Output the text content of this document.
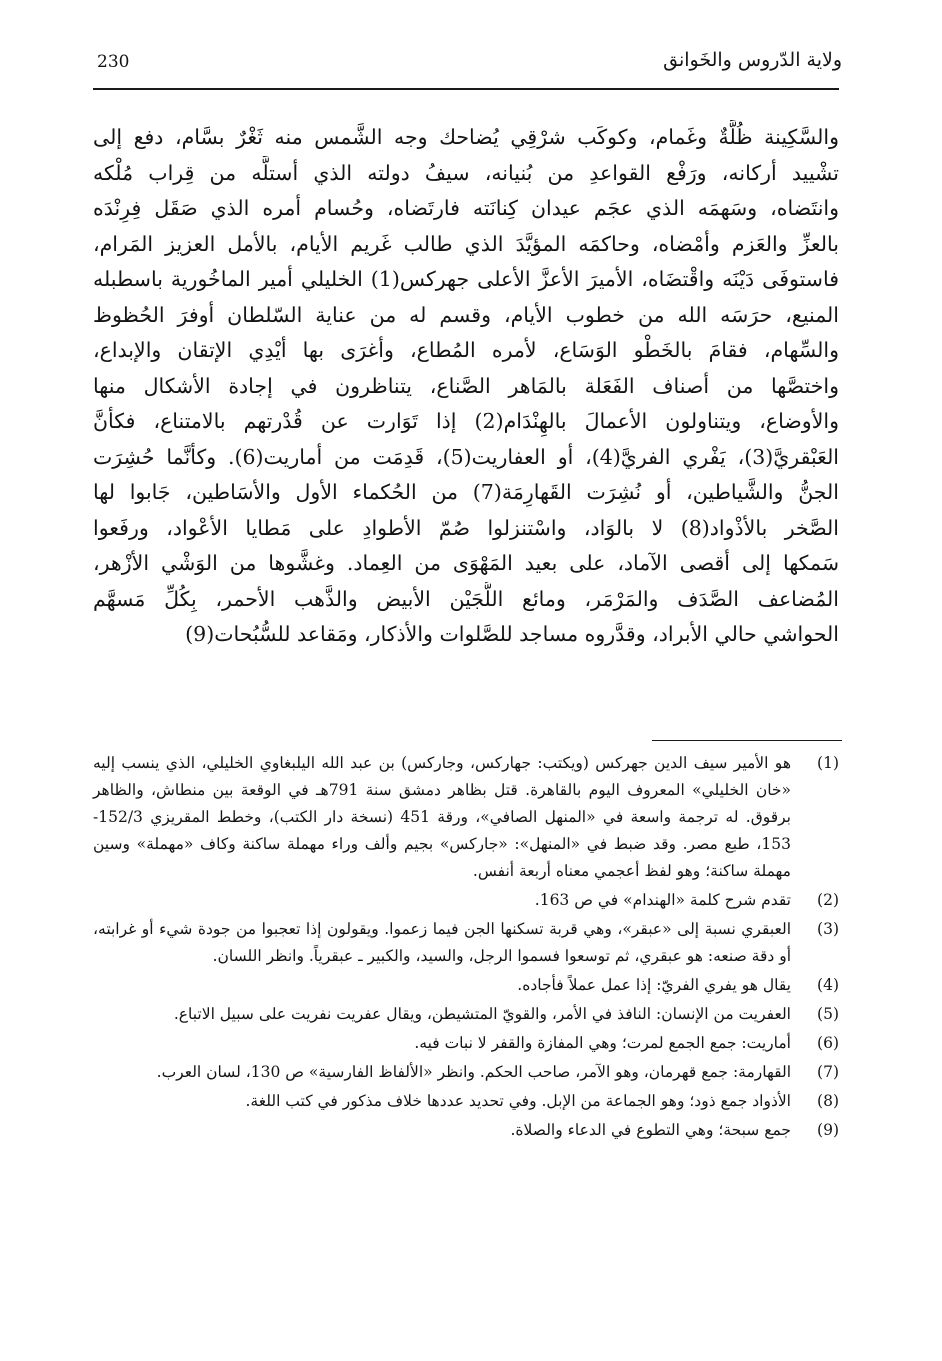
230	ولاية الدّروس والخَوانق
والسَّكِينة ظُلَّةٌ وغَمام، وكوكَب شرْقِي يُضاحك وجه الشَّمس منه ثَغْرٌ بسَّام، دفع إلى
تشْييد أركانه، ورَفْع القواعدِ من بُنيانه، سيفُ دولته الذي أستلَّه من قِراب مُلْكه
وانتَضاه، وسَهمَه الذي عجَم عيدان كِنانَته فارتَضاه، وحُسام أمره الذي صَقَل فِرِنْدَه
بالعزِّ والعَزم وأمْضاه، وحاكمَه المؤيَّدَ الذي طالب غَريم الأيام، بالأمل العزيز المَرام،
فاستوفَى دَيْنَه واقْتضَاه، الأميرَ الأعزَّ الأعلى جهركس(1) الخليلي أمير الماخُورية باسطبله
المنيع، حرَسَه الله من خطوب الأيام، وقسم له من عناية السّلطان أوفرَ الحُظوظ
والسِّهام، فقامَ بالخَطْو الوَسَاع، لأمره المُطاع، وأغرَى بها أيْدِي الإتقان والإبداع،
واختصَّها من أصناف الفَعَلة بالمَاهر الصَّناع، يتناظرون في إجادة الأشكال منها
والأوضاع، ويتناولون الأعمالَ بالهِنْدَام(2) إذا تَوَارت عن قُدْرتهم بالامتناع، فكأنَّ
العَبْقريَّ(3)، يَفْري الفريَّ(4)، أو العفاريت(5)، قَدِمَت من أماريت(6). وكأنَّما حُشِرَت
الجنُّ والشَّياطين، أو نُشِرَت القَهارِمَة(7) من الحُكماء الأول والأسَاطين، جَابوا لها
الصَّخر بالأذْواد(8) لا بالوَاد، واسْتنزلوا صُمّ الأطوادِ على مَطايا الأعْواد، ورفَعوا
سَمكها إلى أقصى الآماد، على بعيد المَهْوَى من العِماد. وغشَّوها من الوَشْي الأزْهر،
المُضاعف الصَّدَف والمَرْمَر، ومائع اللُّجَيْن الأبيض والذَّهب الأحمر، بِكُلِّ مَسهَّم
الحواشي حالي الأبراد، وقدَّروه مساجد للصَّلوات والأذكار، ومَقاعد للسُّبُحات(9)
(1)
هو الأمير سيف الدين جهركس (ويكتب: جهاركس، وجاركس) بن عبد الله اليلبغاوي الخليلي، الذي ينسب إليه «خان الخليلي» المعروف اليوم بالقاهرة. قتل بظاهر دمشق سنة 791هـ في الوقعة بين منطاش، والظاهر برقوق. له ترجمة واسعة في «المنهل الصافي»، ورقة 451 (نسخة دار الكتب)، وخطط المقريزي 152/3-153، طبع مصر. وقد ضبط في «المنهل»: «جاركس» بجيم وألف وراء مهملة ساكنة وكاف «مهملة» وسين مهملة ساكنة؛ وهو لفظ أعجمي معناه أربعة أنفس.
(2)
تقدم شرح كلمة «الهندام» في ص 163.
(3)
العبقري نسبة إلى «عبقر»، وهي قربة تسكنها الجن فيما زعموا. ويقولون إذا تعجبوا من جودة شيء أو غرابته، أو دقة صنعه: هو عبقري، ثم توسعوا فسموا الرجل، والسيد، والكبير ـ عبقرياً. وانظر اللسان.
(4)
يقال هو يفري الفريّ: إذا عمل عملاً فأجاده.
(5)
العفريت من الإنسان: النافذ في الأمر، والقويّ المتشيطن، ويقال عفريت نفريت على سبيل الاتباع.
(6)
أماريت: جمع الجمع لمرت؛ وهي المفازة والقفر لا نبات فيه.
(7)
القهارمة: جمع قهرمان، وهو الآمر، صاحب الحكم. وانظر «الألفاظ الفارسية» ص 130، لسان العرب.
(8)
الأذواد جمع ذود؛ وهو الجماعة من الإبل. وفي تحديد عددها خلاف مذكور في كتب اللغة.
(9)
جمع سبحة؛ وهي التطوع في الدعاء والصلاة.
